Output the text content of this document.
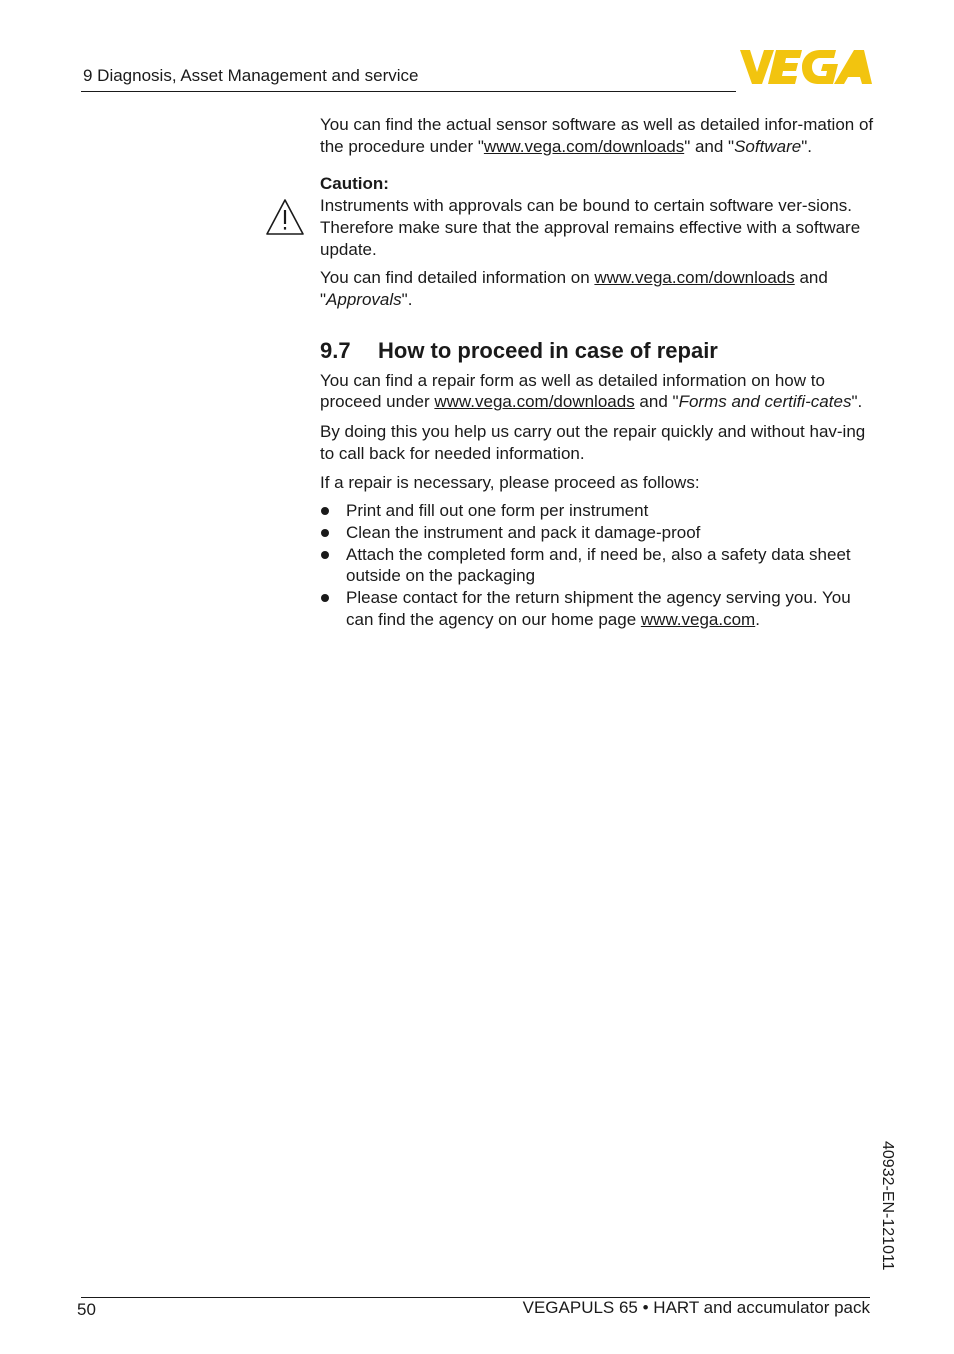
9 Diagnosis, Asset Management and service

You can find the actual sensor software as well as detailed infor-mation of the procedure under "www.vega.com/downloads" and "Software".

Caution:

Instruments with approvals can be bound to certain software ver-sions. Therefore make sure that the approval remains effective with a software update.

You can find detailed information on www.vega.com/downloads and "Approvals".

9.7 How to proceed in case of repair

You can find a repair form as well as detailed information on how to proceed under www.vega.com/downloads and "Forms and certifi-cates".

By doing this you help us carry out the repair quickly and without hav-ing to call back for needed information.

If a repair is necessary, please proceed as follows:

Print and fill out one form per instrument
Clean the instrument and pack it damage-proof
Attach the completed form and, if need be, also a safety data sheet outside on the packaging
Please contact for the return shipment the agency serving you. You can find the agency on our home page www.vega.com.
40932-EN-121011
50	VEGAPULS 65 • HART and accumulator pack
